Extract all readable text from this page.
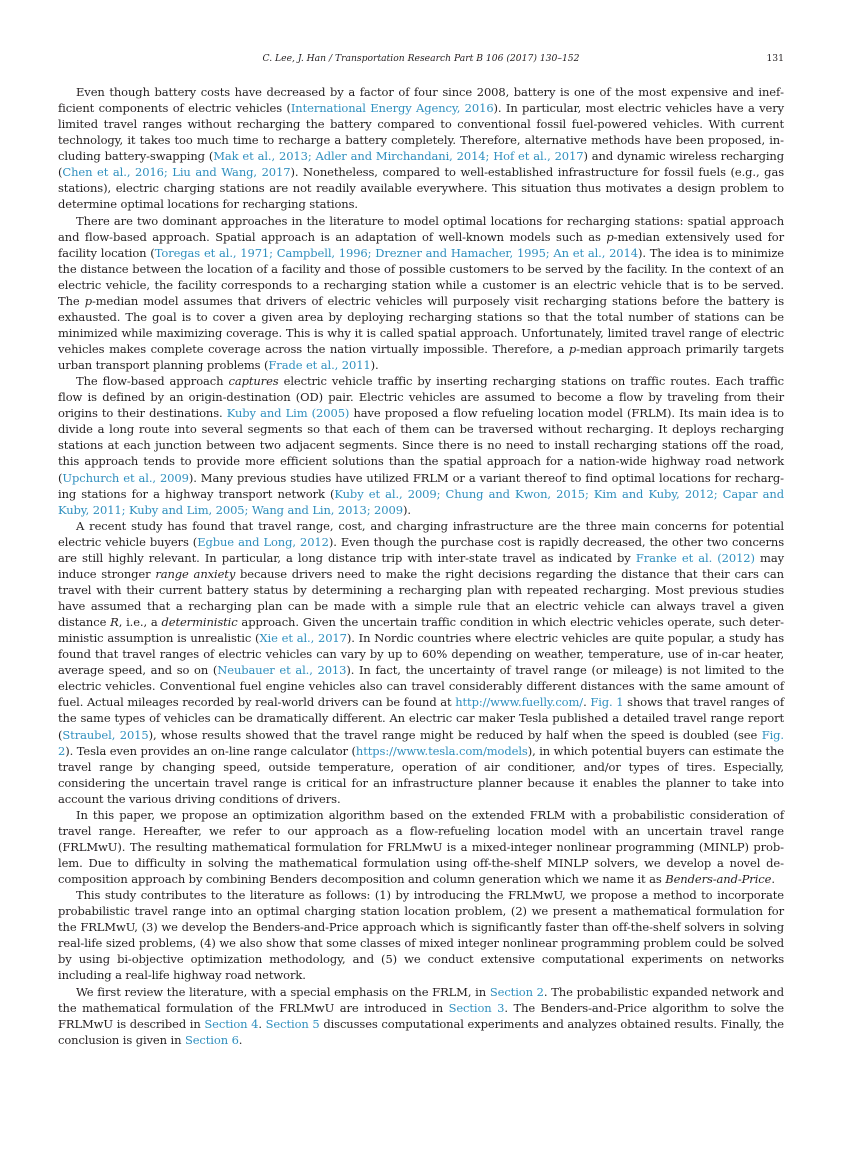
C. Lee, J. Han / Transportation Research Part B 106 (2017) 130–152	131

Even though battery costs have decreased by a factor of four since 2008, battery is one of the most expensive and inefficient components of electric vehicles (International Energy Agency, 2016). In particular, most electric vehicles have a very limited travel ranges without recharging the battery compared to conventional fossil fuel-powered vehicles. With current technology, it takes too much time to recharge a battery completely. Therefore, alternative methods have been proposed, including battery-swapping (Mak et al., 2013; Adler and Mirchandani, 2014; Hof et al., 2017) and dynamic wireless recharging (Chen et al., 2016; Liu and Wang, 2017). Nonetheless, compared to well-established infrastructure for fossil fuels (e.g., gas stations), electric charging stations are not readily available everywhere. This situation thus motivates a design problem to determine optimal locations for recharging stations.

There are two dominant approaches in the literature to model optimal locations for recharging stations: spatial approach and flow-based approach. Spatial approach is an adaptation of well-known models such as p-median extensively used for facility location (Toregas et al., 1971; Campbell, 1996; Drezner and Hamacher, 1995; An et al., 2014). The idea is to minimize the distance between the location of a facility and those of possible customers to be served by the facility. In the context of an electric vehicle, the facility corresponds to a recharging station while a customer is an electric vehicle that is to be served. The p-median model assumes that drivers of electric vehicles will purposely visit recharging stations before the battery is exhausted. The goal is to cover a given area by deploying recharging stations so that the total number of stations can be minimized while maximizing coverage. This is why it is called spatial approach. Unfortunately, limited travel range of electric vehicles makes complete coverage across the nation virtually impossible. Therefore, a p-median approach primarily targets urban transport planning problems (Frade et al., 2011).

The flow-based approach captures electric vehicle traffic by inserting recharging stations on traffic routes. Each traffic flow is defined by an origin-destination (OD) pair. Electric vehicles are assumed to become a flow by traveling from their origins to their destinations. Kuby and Lim (2005) have proposed a flow refueling location model (FRLM). Its main idea is to divide a long route into several segments so that each of them can be traversed without recharging. It deploys recharging stations at each junction between two adjacent segments. Since there is no need to install recharging stations off the road, this approach tends to provide more efficient solutions than the spatial approach for a nation-wide highway road network (Upchurch et al., 2009). Many previous studies have utilized FRLM or a variant thereof to find optimal locations for recharging stations for a highway transport network (Kuby et al., 2009; Chung and Kwon, 2015; Kim and Kuby, 2012; Capar and Kuby, 2011; Kuby and Lim, 2005; Wang and Lin, 2013; 2009).

A recent study has found that travel range, cost, and charging infrastructure are the three main concerns for potential electric vehicle buyers (Egbue and Long, 2012). Even though the purchase cost is rapidly decreased, the other two concerns are still highly relevant. In particular, a long distance trip with inter-state travel as indicated by Franke et al. (2012) may induce stronger range anxiety because drivers need to make the right decisions regarding the distance that their cars can travel with their current battery status by determining a recharging plan with repeated recharging. Most previous studies have assumed that a recharging plan can be made with a simple rule that an electric vehicle can always travel a given distance R, i.e., a deterministic approach. Given the uncertain traffic condition in which electric vehicles operate, such deterministic assumption is unrealistic (Xie et al., 2017). In Nordic countries where electric vehicles are quite popular, a study has found that travel ranges of electric vehicles can vary by up to 60% depending on weather, temperature, use of in-car heater, average speed, and so on (Neubauer et al., 2013). In fact, the uncertainty of travel range (or mileage) is not limited to the electric vehicles. Conventional fuel engine vehicles also can travel considerably different distances with the same amount of fuel. Actual mileages recorded by real-world drivers can be found at http://www.fuelly.com/. Fig. 1 shows that travel ranges of the same types of vehicles can be dramatically different. An electric car maker Tesla published a detailed travel range report (Straubel, 2015), whose results showed that the travel range might be reduced by half when the speed is doubled (see Fig. 2). Tesla even provides an on-line range calculator (https://www.tesla.com/models), in which potential buyers can estimate the travel range by changing speed, outside temperature, operation of air conditioner, and/or types of tires. Especially, considering the uncertain travel range is critical for an infrastructure planner because it enables the planner to take into account the various driving conditions of drivers.

In this paper, we propose an optimization algorithm based on the extended FRLM with a probabilistic consideration of travel range. Hereafter, we refer to our approach as a flow-refueling location model with an uncertain travel range (FRLMwU). The resulting mathematical formulation for FRLMwU is a mixed-integer nonlinear programming (MINLP) problem. Due to difficulty in solving the mathematical formulation using off-the-shelf MINLP solvers, we develop a novel decomposition approach by combining Benders decomposition and column generation which we name it as Benders-and-Price.

This study contributes to the literature as follows: (1) by introducing the FRLMwU, we propose a method to incorporate probabilistic travel range into an optimal charging station location problem, (2) we present a mathematical formulation for the FRLMwU, (3) we develop the Benders-and-Price approach which is significantly faster than off-the-shelf solvers in solving real-life sized problems, (4) we also show that some classes of mixed integer nonlinear programming problem could be solved by using bi-objective optimization methodology, and (5) we conduct extensive computational experiments on networks including a real-life highway road network.

We first review the literature, with a special emphasis on the FRLM, in Section 2. The probabilistic expanded network and the mathematical formulation of the FRLMwU are introduced in Section 3. The Benders-and-Price algorithm to solve the FRLMwU is described in Section 4. Section 5 discusses computational experiments and analyzes obtained results. Finally, the conclusion is given in Section 6.
